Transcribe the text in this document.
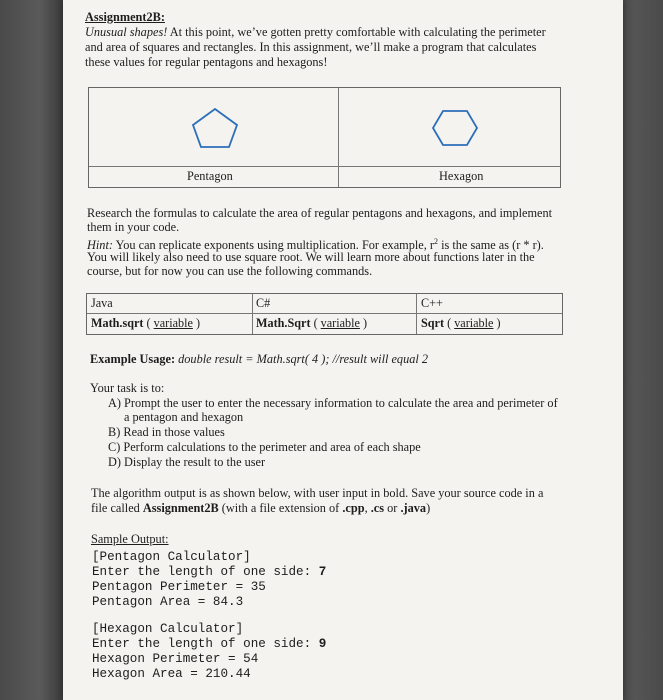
Assignment2B:
Unusual shapes! At this point, we’ve gotten pretty comfortable with calculating the perimeter
and area of squares and rectangles. In this assignment, we’ll make a program that calculates
these values for regular pentagons and hexagons!
Pentagon	Hexagon
Research the formulas to calculate the area of regular pentagons and hexagons, and implement
them in your code.
Hint: You can replicate exponents using multiplication. For example, $r^2$ is the same as (r * r).
You will likely also need to use square root. We will learn more about functions later in the
course, but for now you can use the following commands.
Java	C#	C++
Math.sqrt ( variable )	Math.Sqrt ( variable )	Sqrt ( variable )
Example Usage: double result = Math.sqrt( 4 ); //result will equal 2
Your task is to:
A) Prompt the user to enter the necessary information to calculate the area and perimeter of
a pentagon and hexagon
B) Read in those values
C) Perform calculations to the perimeter and area of each shape
D) Display the result to the user
The algorithm output is as shown below, with user input in bold. Save your source code in a
file called Assignment2B (with a file extension of .cpp, .cs or .java)
Sample Output:
[Pentagon Calculator]
Enter the length of one side: 7
Pentagon Perimeter = 35
Pentagon Area = 84.3
[Hexagon Calculator]
Enter the length of one side: 9
Hexagon Perimeter = 54
Hexagon Area = 210.44
